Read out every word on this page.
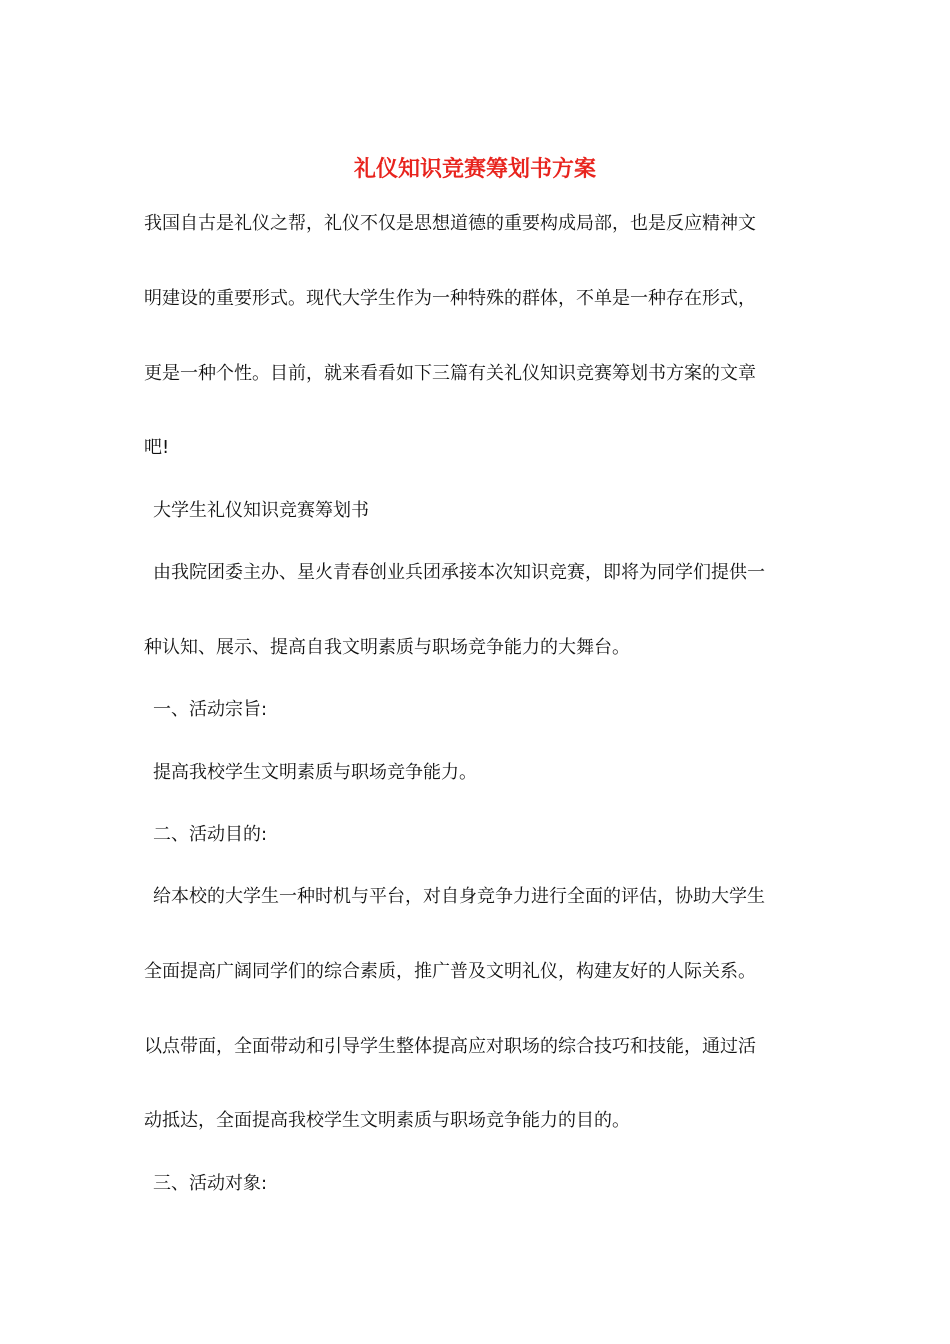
礼仪知识竞赛筹划书方案
我国自古是礼仪之帮，礼仪不仅是思想道德的重要构成局部，也是反应精神文
明建设的重要形式。现代大学生作为一种特殊的群体，不单是一种存在形式，
更是一种个性。目前，就来看看如下三篇有关礼仪知识竞赛筹划书方案的文章
吧!
大学生礼仪知识竞赛筹划书
由我院团委主办、星火青春创业兵团承接本次知识竞赛，即将为同学们提供一
种认知、展示、提高自我文明素质与职场竞争能力的大舞台。
一、活动宗旨:
提高我校学生文明素质与职场竞争能力。
二、活动目的:
给本校的大学生一种时机与平台，对自身竞争力进行全面的评估，协助大学生
全面提高广阔同学们的综合素质，推广普及文明礼仪，构建友好的人际关系。
以点带面，全面带动和引导学生整体提高应对职场的综合技巧和技能，通过活
动抵达，全面提高我校学生文明素质与职场竞争能力的目的。
三、活动对象:
